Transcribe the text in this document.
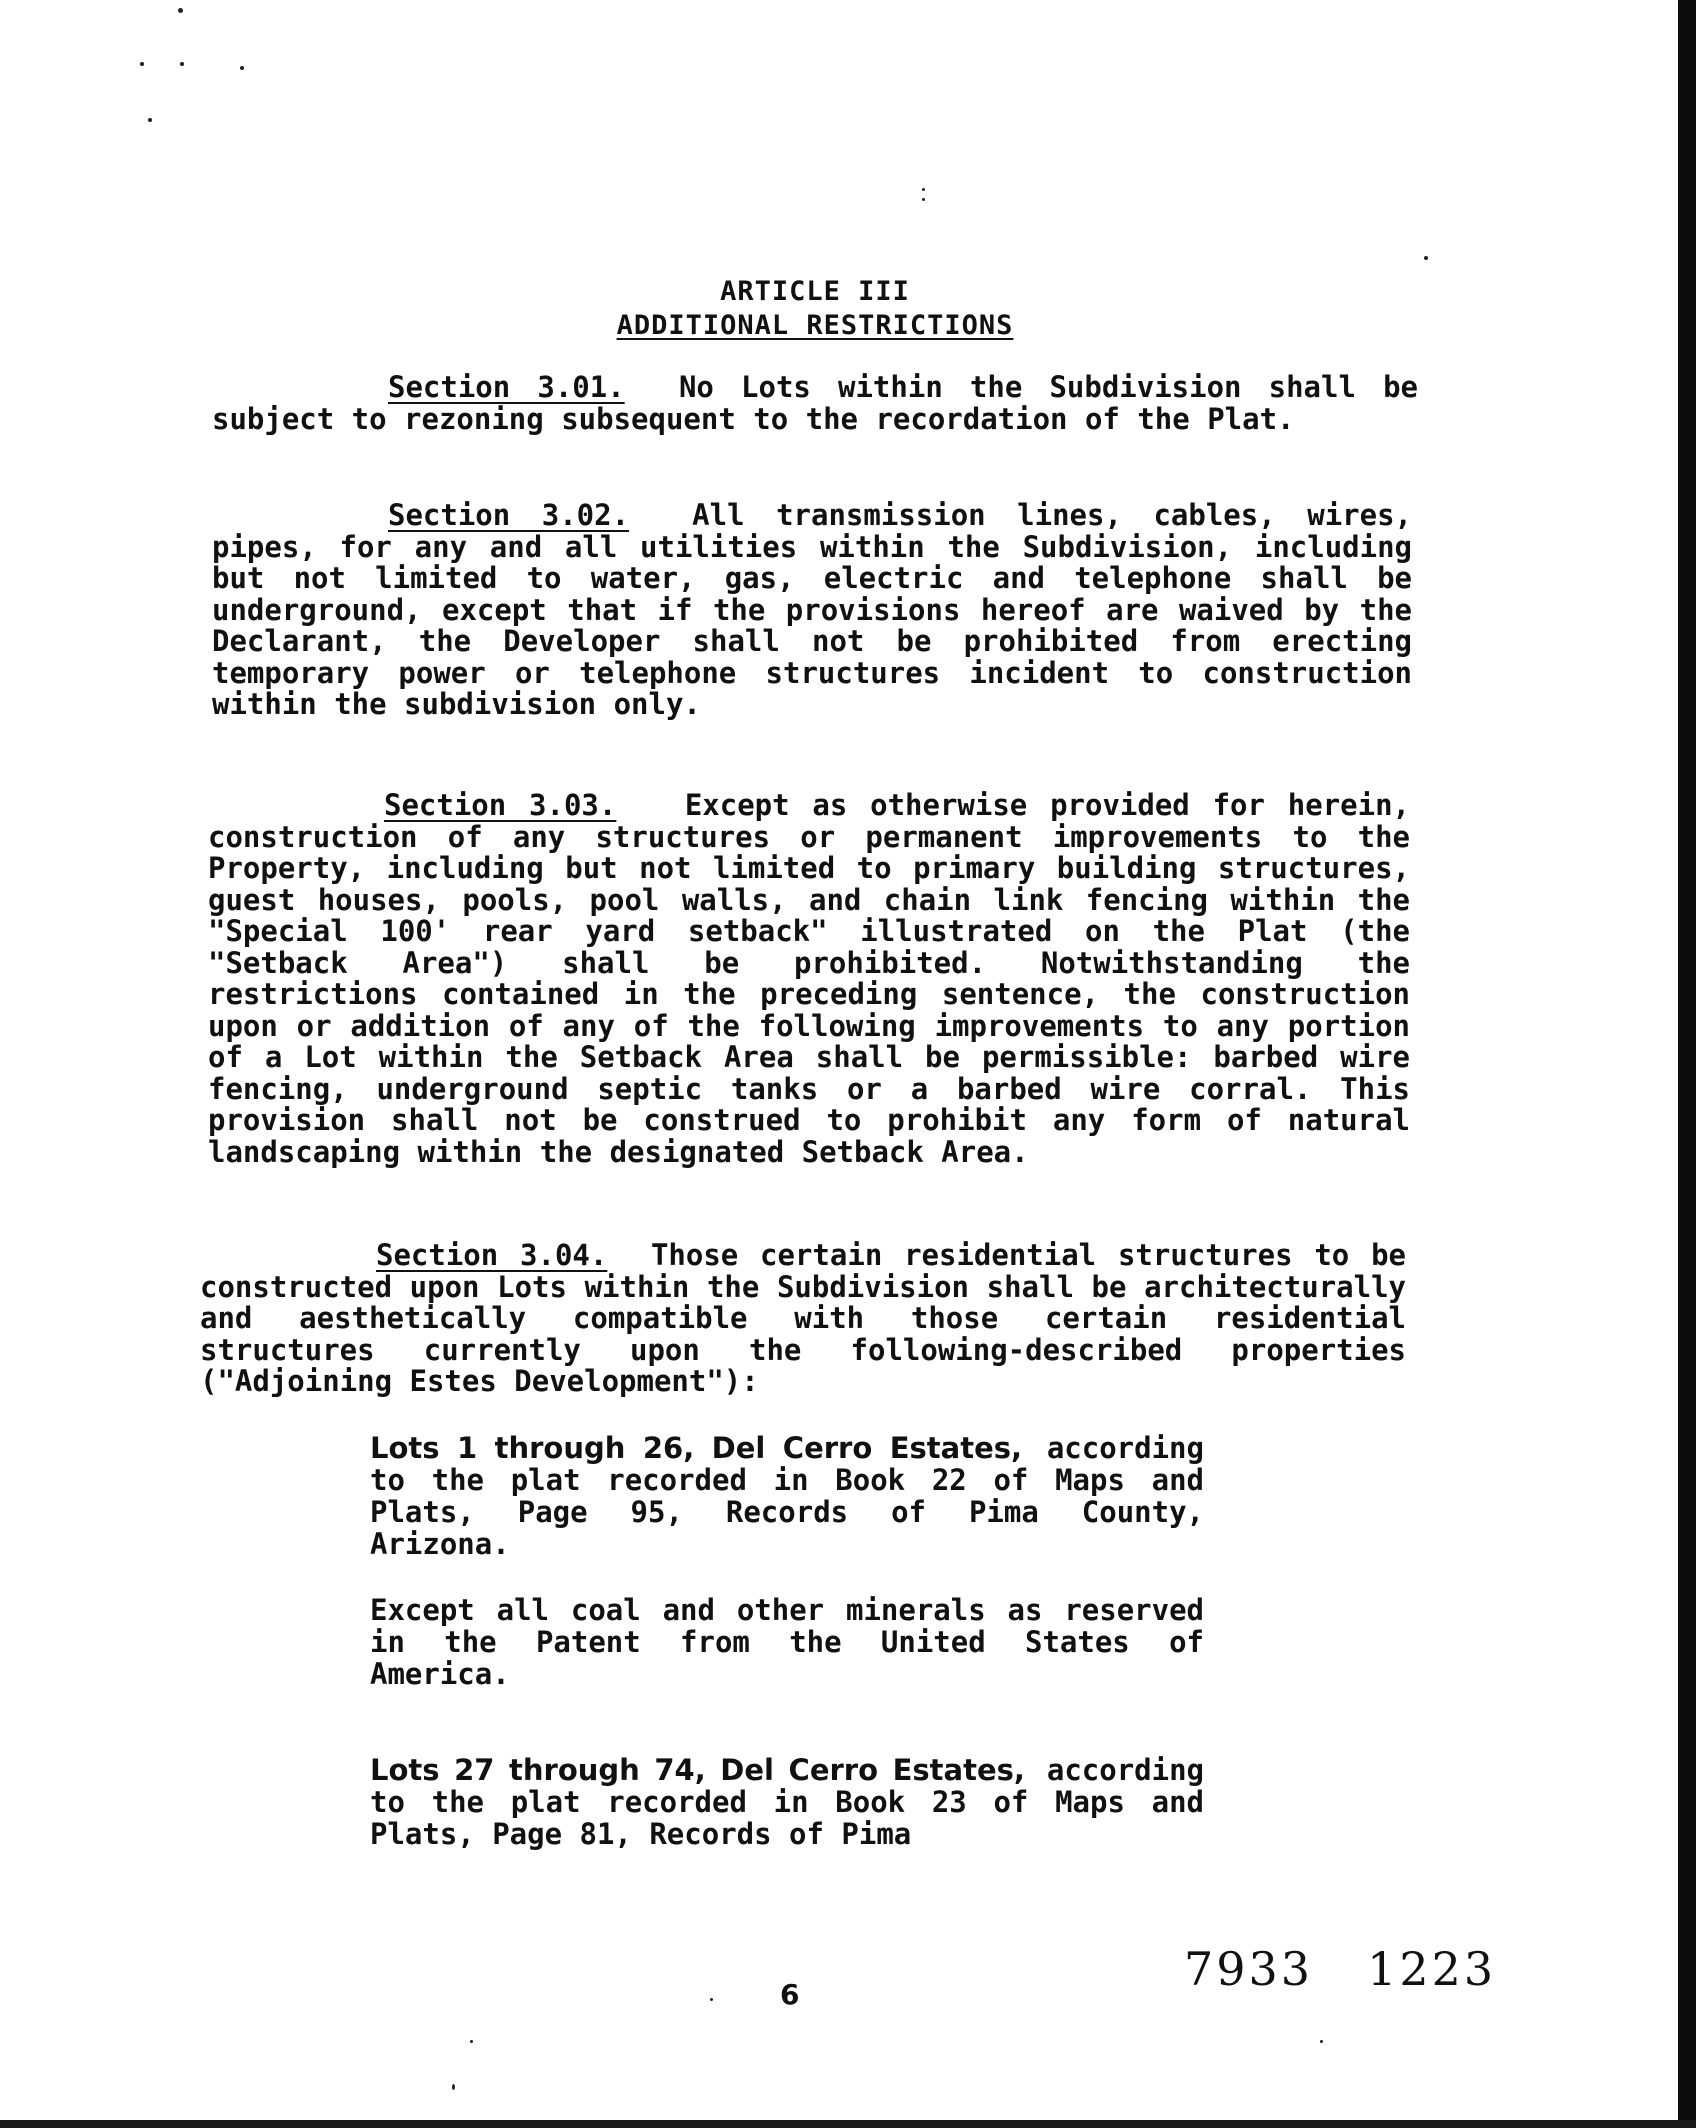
ARTICLE III
ADDITIONAL RESTRICTIONS

Section 3.01. No Lots within the Subdivision shall be subject to rezoning subsequent to the recordation of the Plat.

Section 3.02. All transmission lines, cables, wires, pipes, for any and all utilities within the Subdivision, including but not limited to water, gas, electric and telephone shall be underground, except that if the provisions hereof are waived by the Declarant, the Developer shall not be prohibited from erecting temporary power or telephone structures incident to construction within the subdivision only.

Section 3.03. Except as otherwise provided for herein, construction of any structures or permanent improvements to the Property, including but not limited to primary building structures, guest houses, pools, pool walls, and chain link fencing within the "Special 100' rear yard setback" illustrated on the Plat (the "Setback Area") shall be prohibited. Notwithstanding the restrictions contained in the preceding sentence, the construction upon or addition of any of the following improvements to any portion of a Lot within the Setback Area shall be permissible: barbed wire fencing, underground septic tanks or a barbed wire corral. This provision shall not be construed to prohibit any form of natural landscaping within the designated Setback Area.

Section 3.04. Those certain residential structures to be constructed upon Lots within the Subdivision shall be architecturally and aesthetically compatible with those certain residential structures currently upon the following-described properties ("Adjoining Estes Development"):

Lots 1 through 26, Del Cerro Estates, according to the plat recorded in Book 22 of Maps and Plats, Page 95, Records of Pima County, Arizona.
Except all coal and other minerals as reserved in the Patent from the United States of America.
Lots 27 through 74, Del Cerro Estates, according to the plat recorded in Book 23 of Maps and Plats, Page 81, Records of Pima
6	7933 1223
